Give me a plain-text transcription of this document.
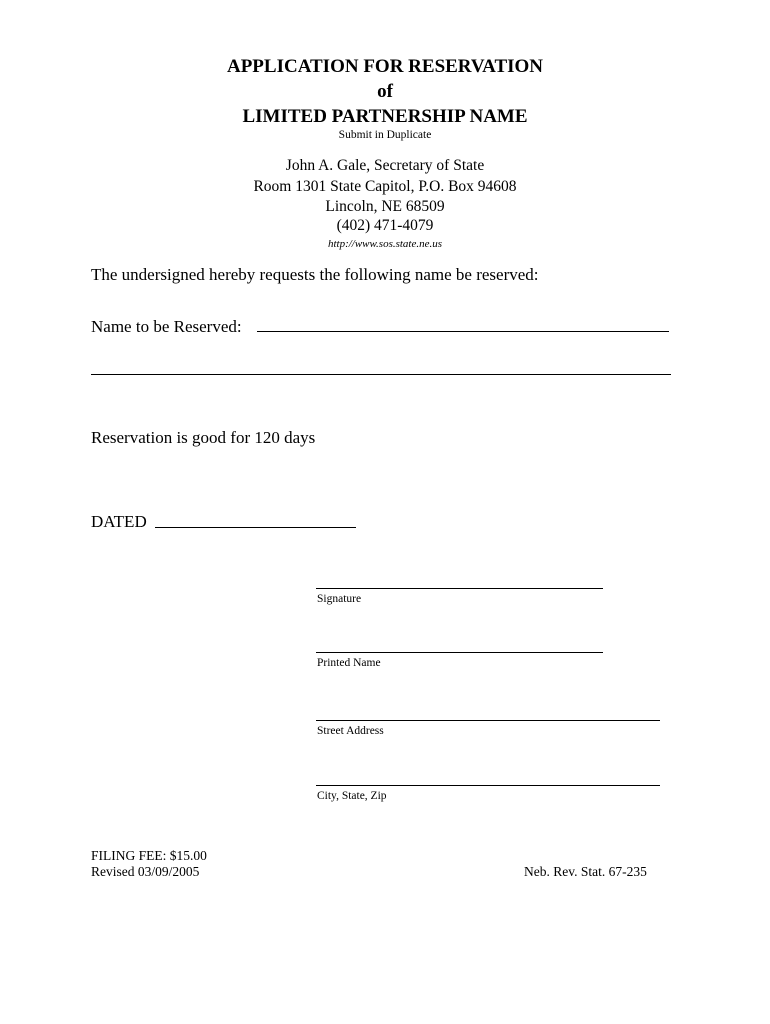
APPLICATION FOR RESERVATION
of
LIMITED PARTNERSHIP NAME
Submit in Duplicate
John A. Gale, Secretary of State
Room 1301 State Capitol, P.O. Box 94608
Lincoln, NE 68509
(402) 471-4079
http://www.sos.state.ne.us
The undersigned hereby requests the following name be reserved:
Name to be Reserved:
Reservation is good for 120 days
DATED
Signature
Printed Name
Street Address
City, State, Zip
FILING FEE: $15.00
Revised 03/09/2005	Neb. Rev. Stat. 67-235
